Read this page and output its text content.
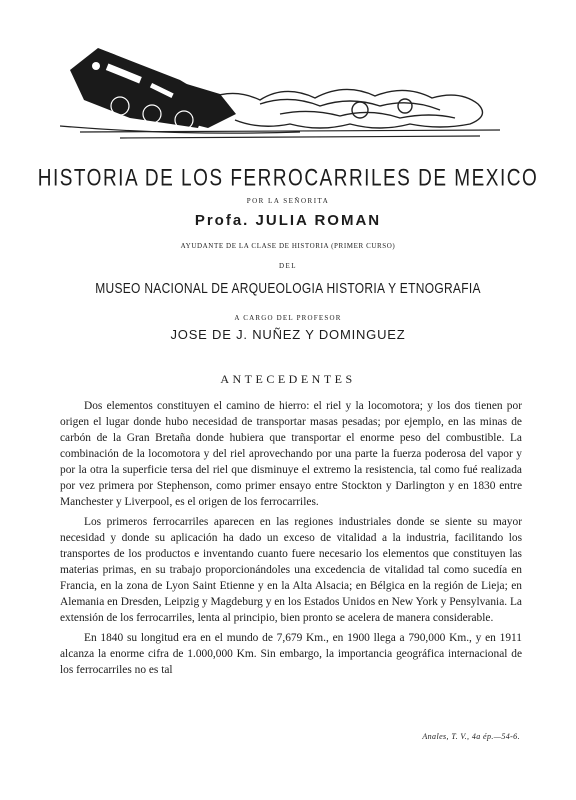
HISTORIA DE LOS FERROCARRILES DE MEXICO
POR LA SEÑORITA
Profa. JULIA ROMAN
AYUDANTE DE LA CLASE DE HISTORIA (PRIMER CURSO)
DEL
MUSEO NACIONAL DE ARQUEOLOGIA HISTORIA Y ETNOGRAFIA
A CARGO DEL PROFESOR
JOSE DE J. NUÑEZ Y DOMINGUEZ
ANTECEDENTES

Dos elementos constituyen el camino de hierro: el riel y la locomotora; y los dos tienen por origen el lugar donde hubo necesidad de transportar masas pesadas; por ejemplo, en las minas de carbón de la Gran Bretaña donde hubiera que transportar el enorme peso del combustible. La combinación de la locomotora y del riel aprovechando por una parte la fuerza poderosa del vapor y por la otra la superficie tersa del riel que disminuye el extremo la resistencia, tal como fué realizada por vez primera por Stephenson, como primer ensayo entre Stockton y Darlington y en 1830 entre Manchester y Liverpool, es el origen de los ferrocarriles.

Los primeros ferrocarriles aparecen en las regiones industriales donde se siente su mayor necesidad y donde su aplicación ha dado un exceso de vitalidad a la industria, facilitando los transportes de los productos e inventando cuanto fuere necesario los elementos que constituyen las materias primas, en su trabajo proporcionándoles una excedencia de vitalidad tal como sucedía en Francia, en la zona de Lyon Saint Etienne y en la Alta Alsacia; en Bélgica en la región de Lieja; en Alemania en Dresden, Leipzig y Magdeburg y en los Estados Unidos en New York y Pensylvania. La extensión de los ferrocarriles, lenta al principio, bien pronto se acelera de manera considerable.

En 1840 su longitud era en el mundo de 7,679 Km., en 1900 llega a 790,000 Km., y en 1911 alcanza la enorme cifra de 1.000,000 Km. Sin embargo, la importancia geográfica internacional de los ferrocarriles no es tal

Anales, T. V., 4a ép.—54-6.
